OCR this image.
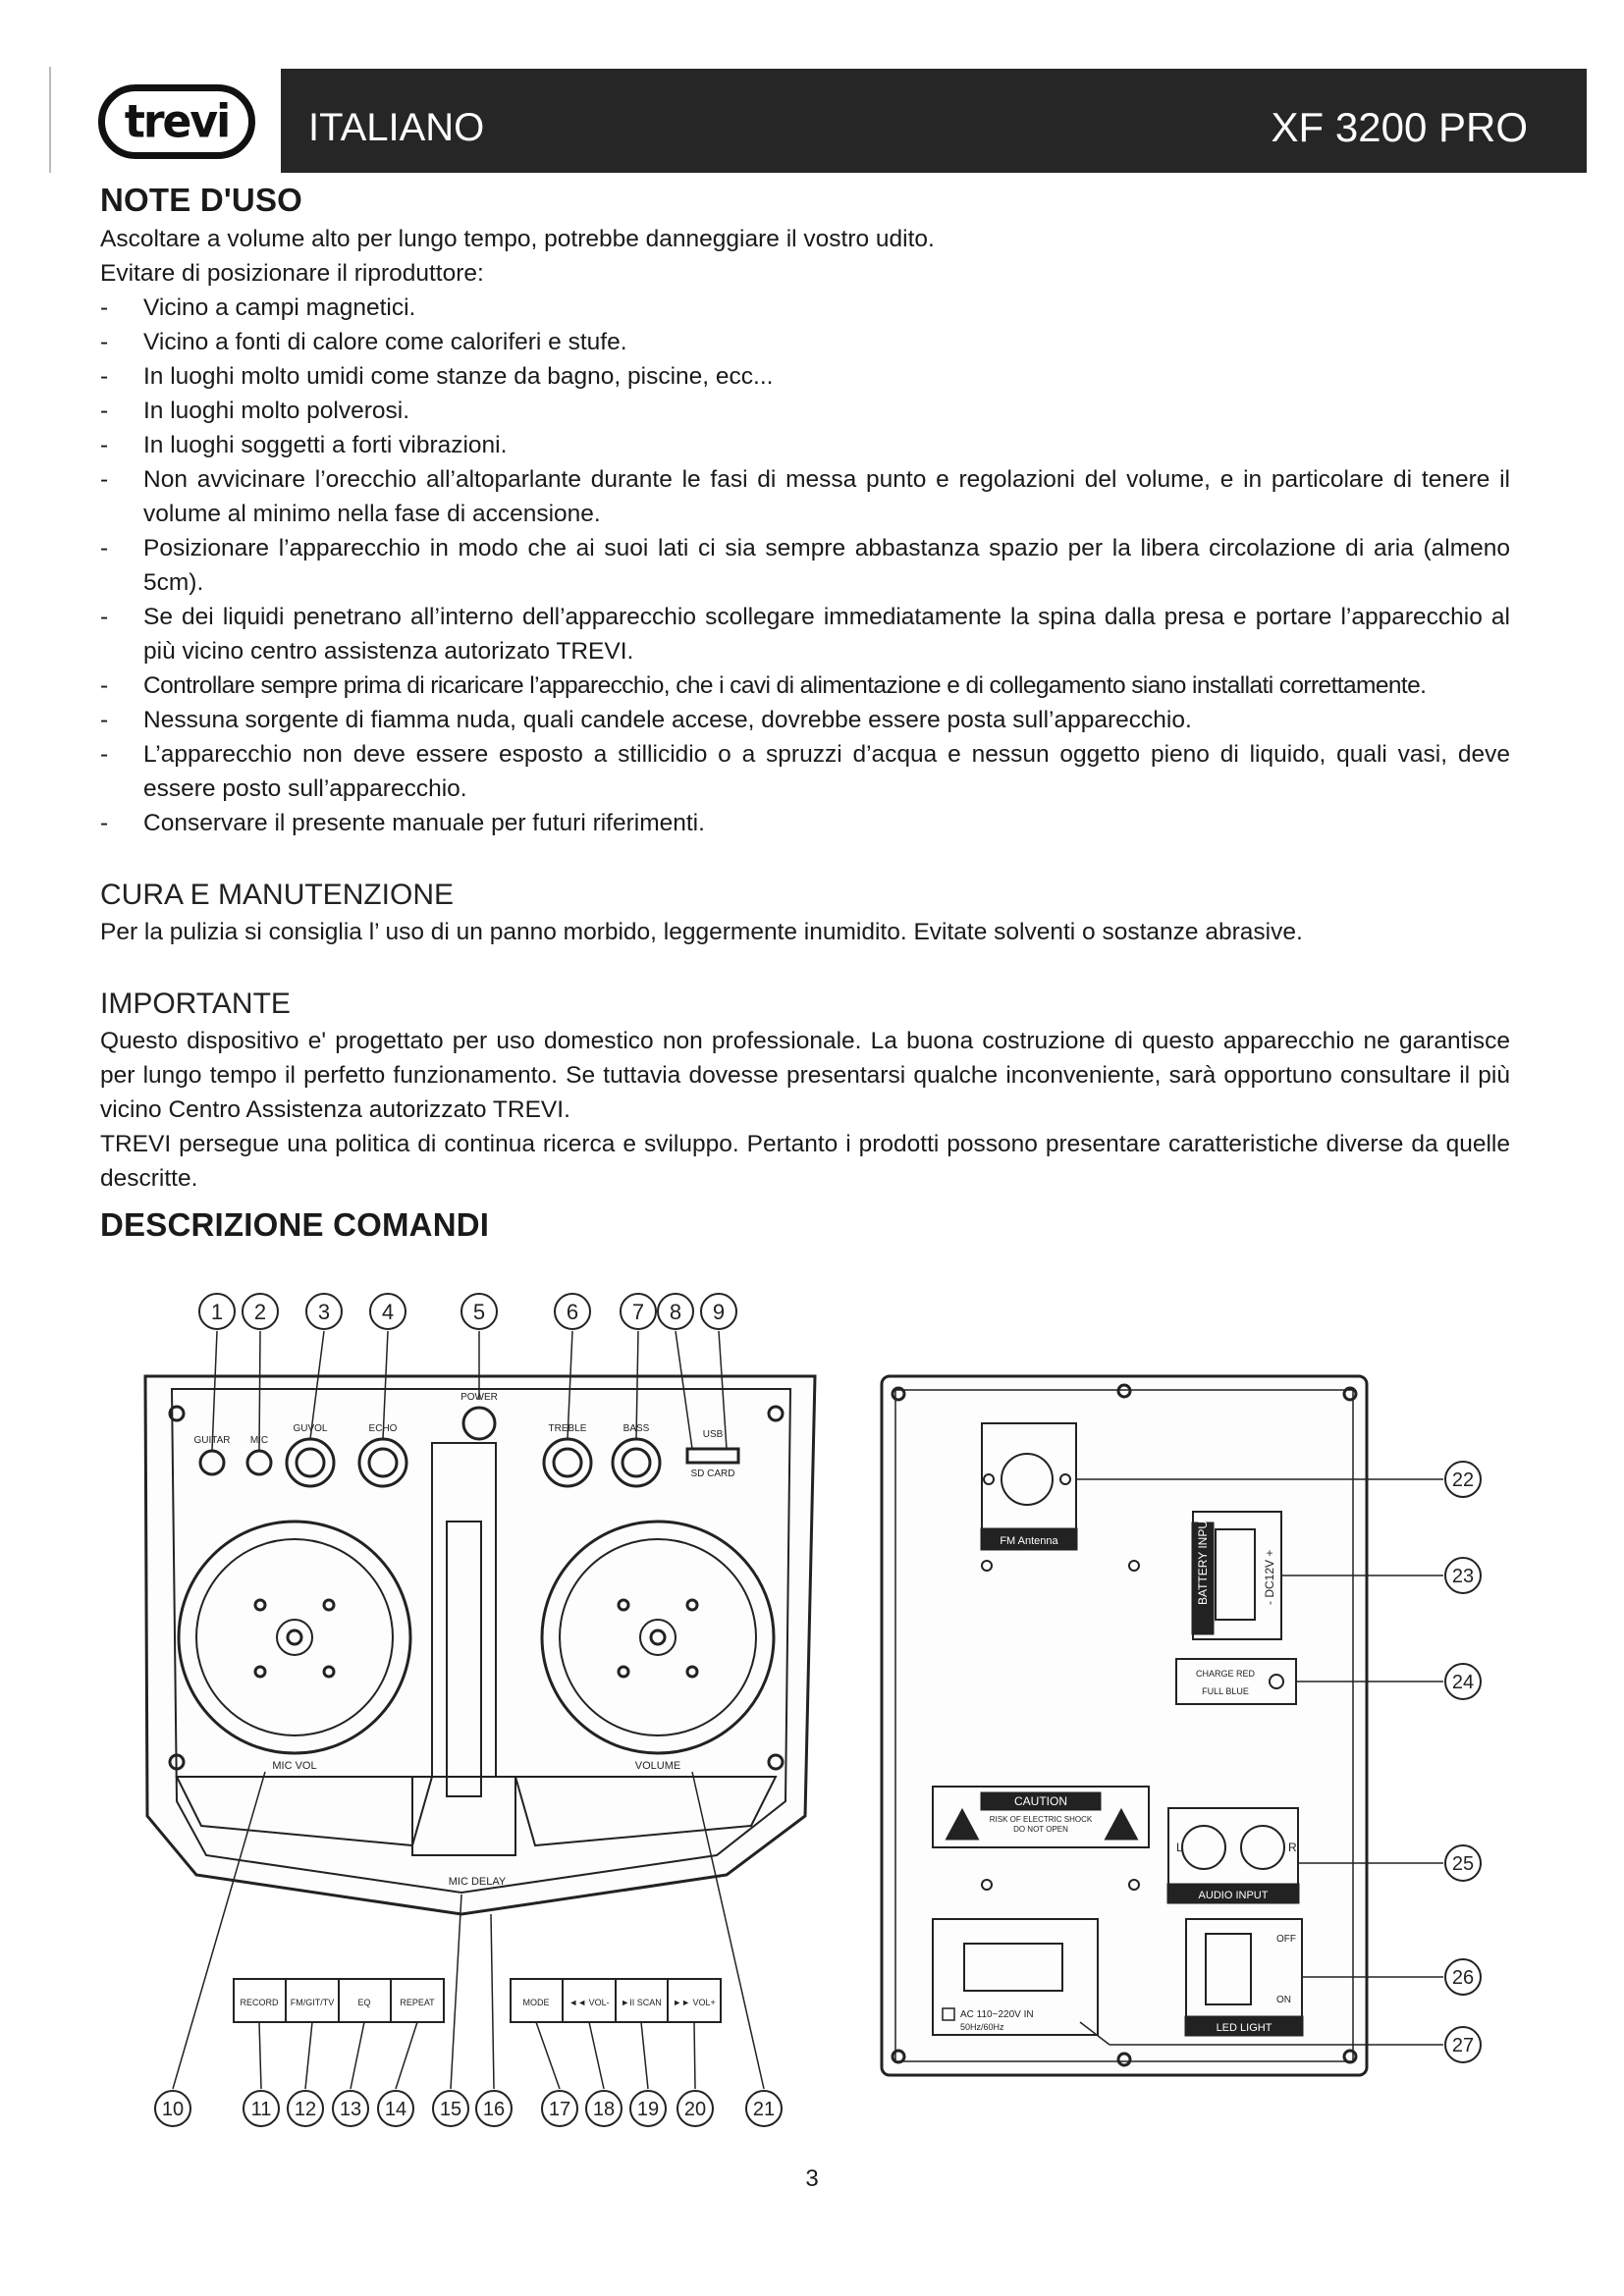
trevi ITALIANO	XF 3200 PRO
NOTE D'USO

Ascoltare a volume alto per lungo tempo, potrebbe danneggiare il vostro udito.

Evitare di posizionare il riproduttore:

- Vicino a campi magnetici.
- Vicino a fonti di calore come caloriferi e stufe.
- In luoghi molto umidi come stanze da bagno, piscine, ecc...
- In luoghi molto polverosi.
- In luoghi soggetti a forti vibrazioni.
- Non avvicinare l’orecchio all’altoparlante durante le fasi di messa punto e regolazioni del volume, e in particolare di tenere il volume al minimo nella fase di accensione.
- Posizionare l’apparecchio in modo che ai suoi lati ci sia sempre abbastanza spazio per la libera circolazione di aria (almeno 5cm).
- Se dei liquidi penetrano all’interno dell’apparecchio scollegare immediatamente la spina dalla presa e portare l’apparecchio al più vicino centro assistenza autorizato TREVI.
- Controllare sempre prima di ricaricare l’apparecchio, che i cavi di alimentazione e di collegamento siano installati correttamente.
- Nessuna sorgente di fiamma nuda, quali candele accese, dovrebbe essere posta sull’apparecchio.
- L’apparecchio non deve essere esposto a stillicidio o a spruzzi d’acqua e nessun oggetto pieno di liquido, quali vasi, deve essere posto sull’apparecchio.
- Conservare il presente manuale per futuri riferimenti.
CURA E MANUTENZIONE

Per la pulizia si consiglia l’ uso di un panno morbido, leggermente inumidito. Evitate solventi o sostanze abrasive.

IMPORTANTE

Questo dispositivo e' progettato per uso domestico non professionale. La buona costruzione di questo apparecchio ne garantisce per lungo tempo il perfetto funzionamento. Se tuttavia dovesse presentarsi qualche inconveniente, sarà opportuno consultare il più vicino Centro Assistenza autorizzato TREVI.

TREVI persegue una politica di continua ricerca e sviluppo. Pertanto i prodotti possono presentare caratteristiche diverse da quelle descritte.

DESCRIZIONE COMANDI
GUITAR MIC
GUVOL	ECHO
POWER
TREBLE	BASS
USB
SD CARD
MIC VOL	VOLUME
MIC DELAY
RECORD FM/GIT/TV	EQ	REPEAT	MODE ◄◄ VOL- ►II SCAN ►► VOL+
1 2 3 4	5	6 7 8 9
10	11 12 13 14 15 16 17 18 19 20 21
FM Antenna	BATTERY INPUT	- DC12V +
CHARGE RED
FULL BLUE
CAUTION
RISK OF ELECTRIC SHOCK
DO NOT OPEN
L	R
AUDIO INPUT
AC 110~220V IN
50Hz/60Hz
OFF
ON
LED LIGHT
22
23
24
25
26
27
3
